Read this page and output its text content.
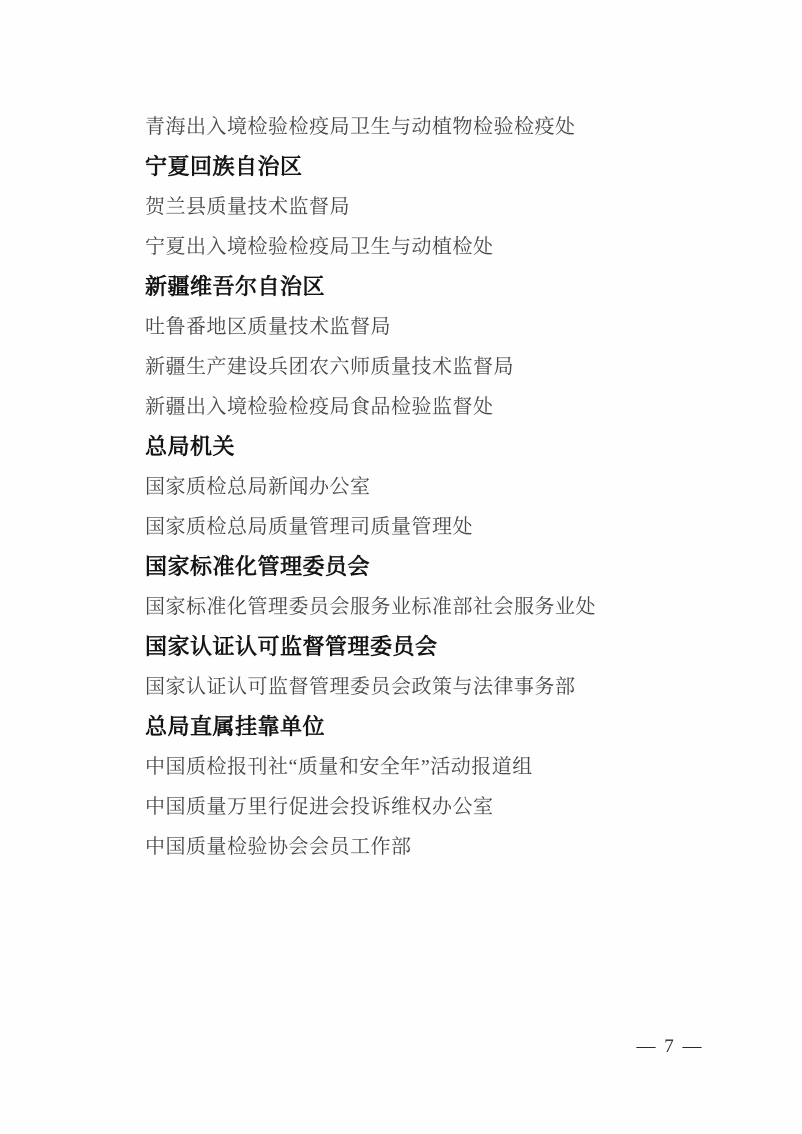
青海出入境检验检疫局卫生与动植物检验检疫处
宁夏回族自治区
贺兰县质量技术监督局
宁夏出入境检验检疫局卫生与动植检处
新疆维吾尔自治区
吐鲁番地区质量技术监督局
新疆生产建设兵团农六师质量技术监督局
新疆出入境检验检疫局食品检验监督处
总局机关
国家质检总局新闻办公室
国家质检总局质量管理司质量管理处
国家标准化管理委员会
国家标准化管理委员会服务业标准部社会服务业处
国家认证认可监督管理委员会
国家认证认可监督管理委员会政策与法律事务部
总局直属挂靠单位
中国质检报刊社“质量和安全年”活动报道组
中国质量万里行促进会投诉维权办公室
中国质量检验协会会员工作部
— 7 —
